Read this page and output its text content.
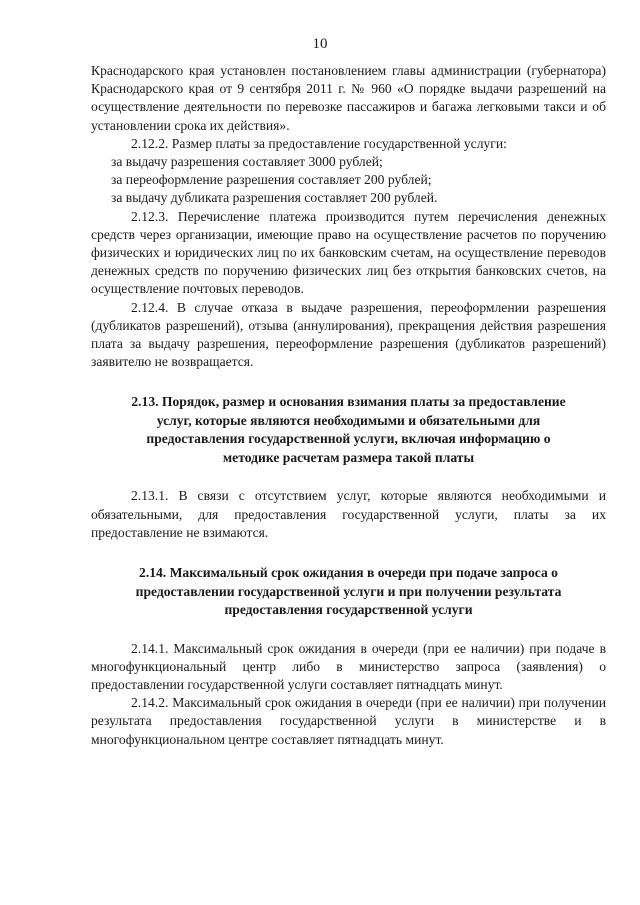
10

Краснодарского края установлен постановлением главы администрации (губернатора) Краснодарского края от 9 сентября 2011 г. № 960 «О порядке выдачи разрешений на осуществление деятельности по перевозке пассажиров и багажа легковыми такси и об установлении срока их действия».

2.12.2. Размер платы за предоставление государственной услуги:

за выдачу разрешения составляет 3000 рублей;

за переоформление разрешения составляет 200 рублей;

за выдачу дубликата разрешения составляет 200 рублей.

2.12.3. Перечисление платежа производится путем перечисления денежных средств через организации, имеющие право на осуществление расчетов по поручению физических и юридических лиц по их банковским счетам, на осуществление переводов денежных средств по поручению физических лиц без открытия банковских счетов, на осуществление почтовых переводов.

2.12.4. В случае отказа в выдаче разрешения, переоформлении разрешения (дубликатов разрешений), отзыва (аннулирования), прекращения действия разрешения плата за выдачу разрешения, переоформление разрешения (дубликатов разрешений) заявителю не возвращается.

2.13. Порядок, размер и основания взимания платы за предоставление услуг, которые являются необходимыми и обязательными для предоставления государственной услуги, включая информацию о методике расчетам размера такой платы

2.13.1. В связи с отсутствием услуг, которые являются необходимыми и обязательными, для предоставления государственной услуги, платы за их предоставление не взимаются.

2.14. Максимальный срок ожидания в очереди при подаче запроса о предоставлении государственной услуги и при получении результата предоставления государственной услуги

2.14.1. Максимальный срок ожидания в очереди (при ее наличии) при подаче в многофункциональный центр либо в министерство запроса (заявления) о предоставлении государственной услуги составляет пятнадцать минут.

2.14.2. Максимальный срок ожидания в очереди (при ее наличии) при получении результата предоставления государственной услуги в министерстве и в многофункциональном центре составляет пятнадцать минут.
